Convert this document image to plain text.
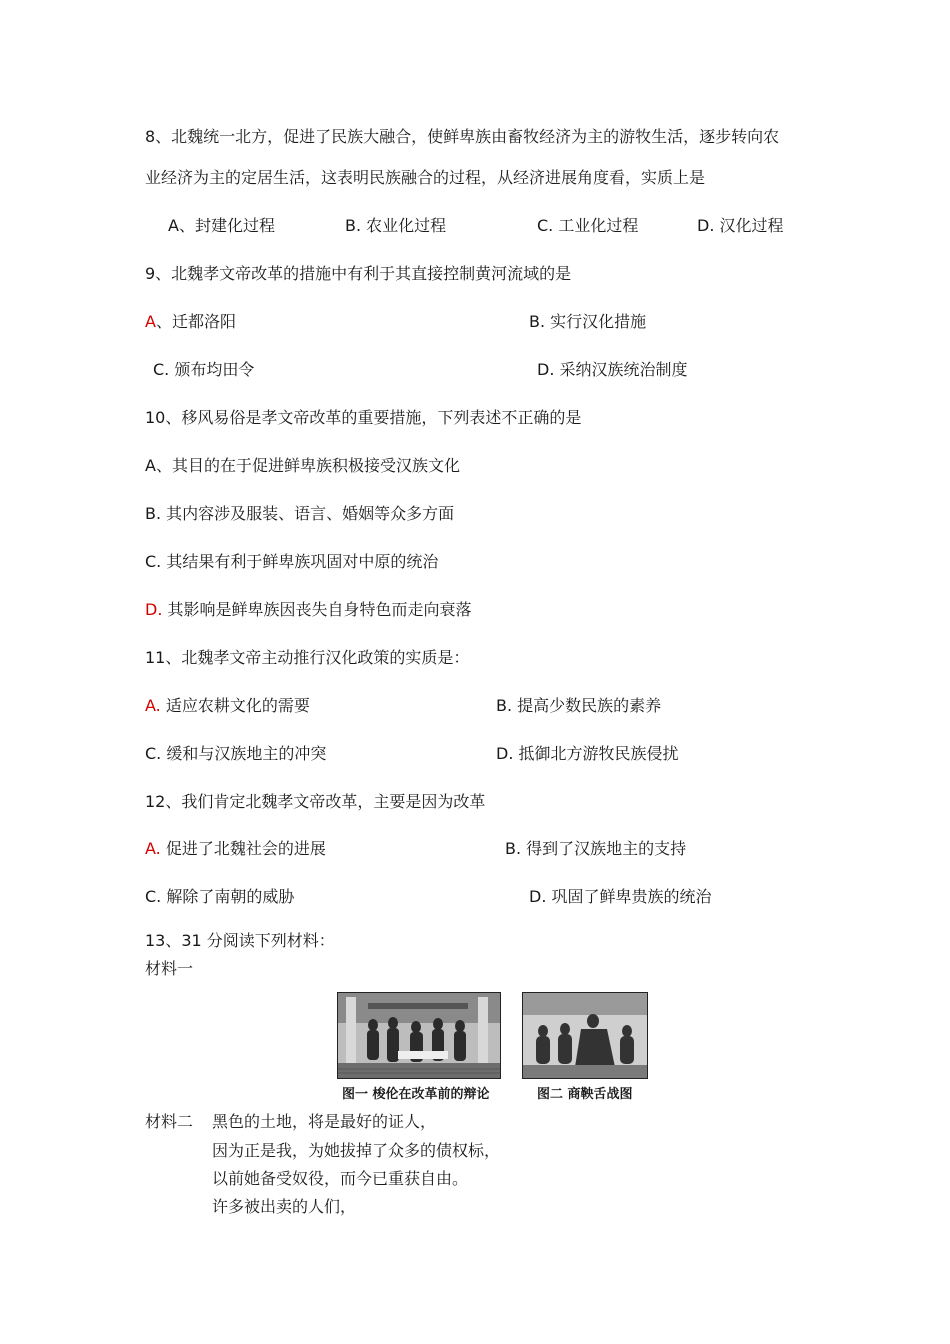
8、北魏统一北方，促进了民族大融合，使鲜卑族由畜牧经济为主的游牧生活，逐步转向农
业经济为主的定居生活，这表明民族融合的过程，从经济进展角度看，实质上是
A、封建化过程	B. 农业化过程	C. 工业化过程	D. 汉化过程
9、北魏孝文帝改革的措施中有利于其直接控制黄河流域的是
A、迁都洛阳	B. 实行汉化措施
C. 颁布均田令	D. 采纳汉族统治制度
10、移风易俗是孝文帝改革的重要措施，下列表述不正确的是
A、其目的在于促进鲜卑族积极接受汉族文化
B. 其内容涉及服装、语言、婚姻等众多方面
C. 其结果有利于鲜卑族巩固对中原的统治
D. 其影响是鲜卑族因丧失自身特色而走向衰落
11、北魏孝文帝主动推行汉化政策的实质是：
A. 适应农耕文化的需要	B. 提高少数民族的素养
C. 缓和与汉族地主的冲突	D. 抵御北方游牧民族侵扰
12、我们肯定北魏孝文帝改革，主要是因为改革
A. 促进了北魏社会的进展	B. 得到了汉族地主的支持
C. 解除了南朝的威胁	D. 巩固了鲜卑贵族的统治
13、31 分阅读下列材料：
材料一
图一 梭伦在改革前的辩论	图二 商鞅舌战图
材料二 黑色的土地，将是最好的证人，
因为正是我，为她拔掉了众多的债权标，
以前她备受奴役，而今已重获自由。
许多被出卖的人们，
